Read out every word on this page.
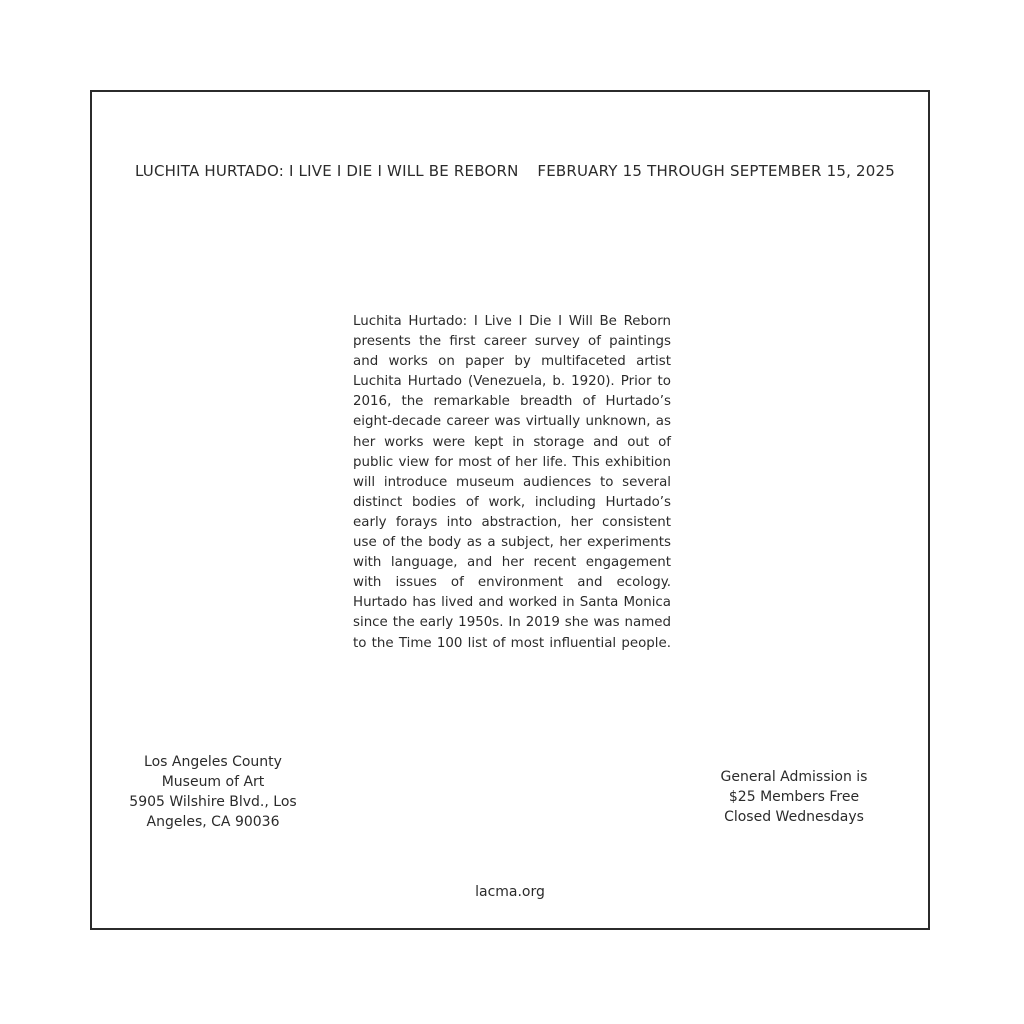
LUCHITA HURTADO: I LIVE I DIE I WILL BE REBORN FEBRUARY 15 THROUGH SEPTEMBER 15, 2025
Luchita Hurtado: I Live I Die I Will Be Reborn presents the first career survey of paintings and works on paper by multifaceted artist Luchita Hurtado (Venezuela, b. 1920). Prior to 2016, the remarkable breadth of Hurtado’s eight-decade career was virtually unknown, as her works were kept in storage and out of public view for most of her life. This exhibition will introduce museum audiences to several distinct bodies of work, including Hurtado’s early forays into abstraction, her consistent use of the body as a subject, her experiments with language, and her recent engagement with issues of environment and ecology. Hurtado has lived and worked in Santa Monica since the early 1950s. In 2019 she was named to the Time 100 list of most influential people.
Los Angeles County
Museum of Art
5905 Wilshire Blvd., Los
Angeles, CA 90036
General Admission is
$25 Members Free
Closed Wednesdays
lacma.org
